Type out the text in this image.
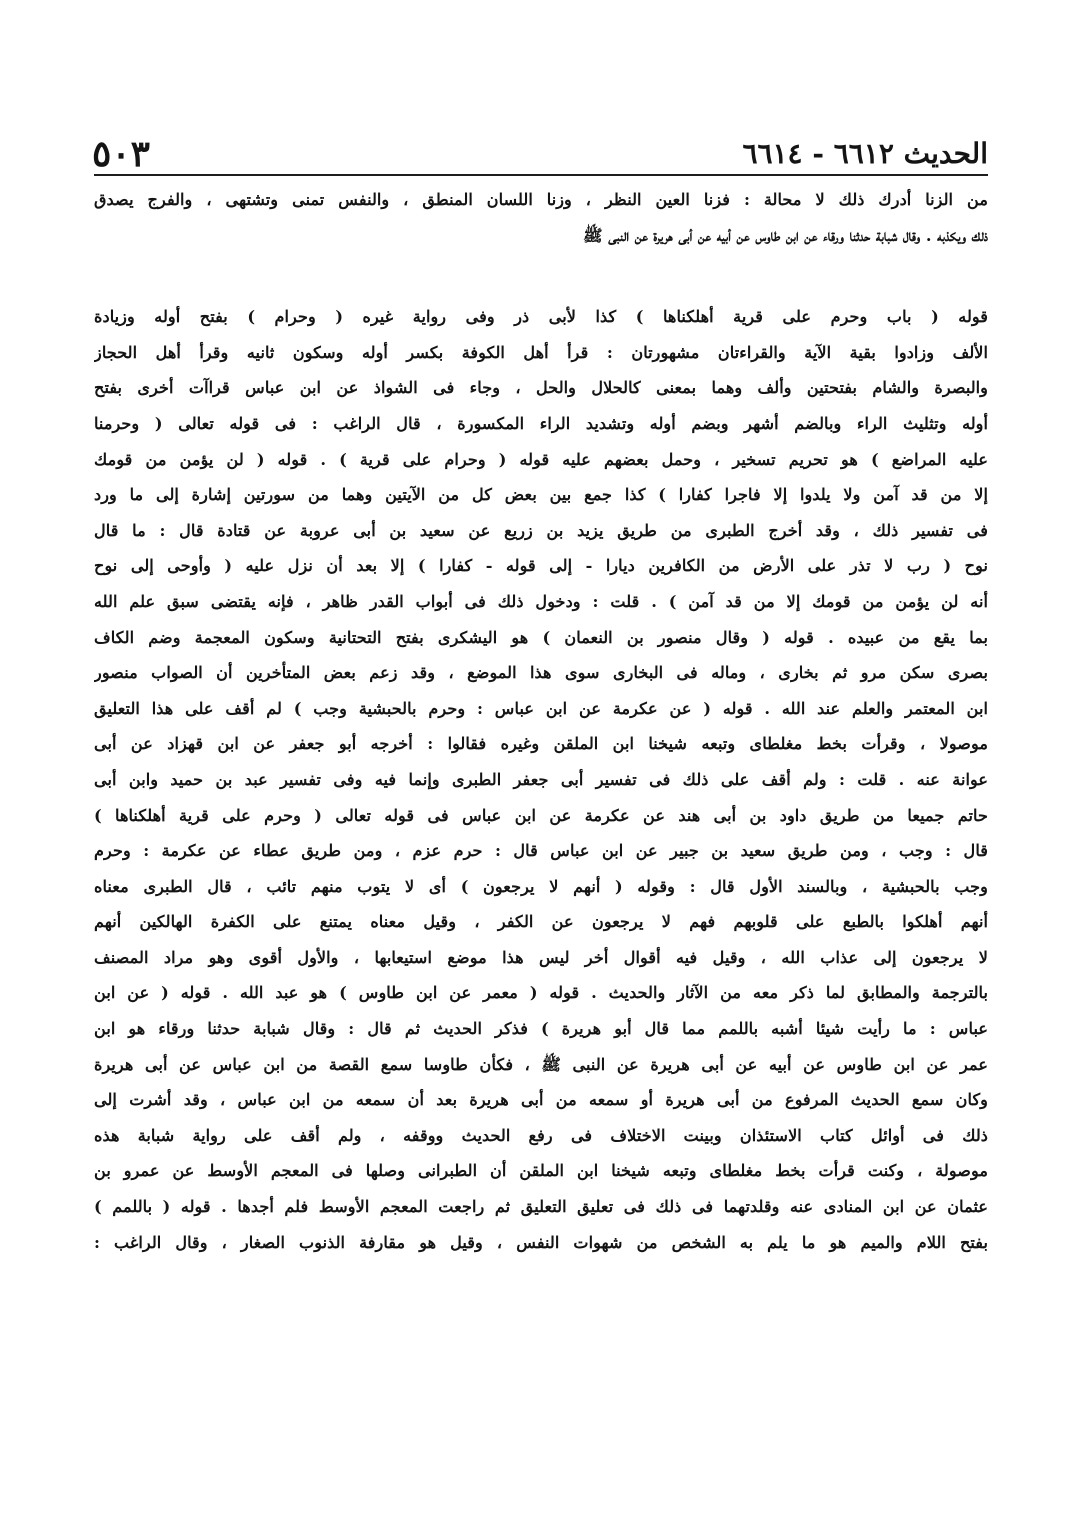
الحديث ٦٦١٢ - ٦٦١٤
٥٠٣
من الزنا أدرك ذلك لا محالة : فزنا العين النظر ، وزنا اللسان المنطق ، والنفس تمنى وتشتهى ، والفرج يصدق
ذلك ويكذبه . وقال شبابة حدثنا ورقاء عن ابن طاوس عن أبيه عن أبى هريرة عن النبى ﷺ
قوله ( باب وحرم على قرية أهلكناها ) كذا لأبى ذر وفى رواية غيره ( وحرام ) بفتح أوله وزيادة
الألف وزادوا بقية الآية والقراءتان مشهورتان : قرأ أهل الكوفة بكسر أوله وسكون ثانيه وقرأ أهل الحجاز
والبصرة والشام بفتحتين وألف وهما بمعنى كالحلال والحل ، وجاء فى الشواذ عن ابن عباس قراآت أخرى بفتح
أوله وتثليث الراء وبالضم أشهر وبضم أوله وتشديد الراء المكسورة ، قال الراغب : فى قوله تعالى ( وحرمنا
عليه المراضع ) هو تحريم تسخير ، وحمل بعضهم عليه قوله ( وحرام على قرية ) . قوله ( لن يؤمن من قومك
إلا من قد آمن ولا يلدوا إلا فاجرا كفارا ) كذا جمع بين بعض كل من الآيتين وهما من سورتين إشارة إلى ما ورد
فى تفسير ذلك ، وقد أخرج الطبرى من طريق يزيد بن زريع عن سعيد بن أبى عروبة عن قتادة قال : ما قال
نوح ( رب لا تذر على الأرض من الكافرين ديارا - إلى قوله - كفارا ) إلا بعد أن نزل عليه ( وأوحى إلى نوح
أنه لن يؤمن من قومك إلا من قد آمن ) . قلت : ودخول ذلك فى أبواب القدر ظاهر ، فإنه يقتضى سبق علم الله
بما يقع من عبيده . قوله ( وقال منصور بن النعمان ) هو اليشكرى بفتح التحتانية وسكون المعجمة وضم الكاف
بصرى سكن مرو ثم بخارى ، وماله فى البخارى سوى هذا الموضع ، وقد زعم بعض المتأخرين أن الصواب منصور
ابن المعتمر والعلم عند الله . قوله ( عن عكرمة عن ابن عباس : وحرم بالحبشية وجب ) لم أقف على هذا التعليق
موصولا ، وقرأت بخط مغلطاى وتبعه شيخنا ابن الملقن وغيره فقالوا : أخرجه أبو جعفر عن ابن قهزاد عن أبى
عوانة عنه . قلت : ولم أقف على ذلك فى تفسير أبى جعفر الطبرى وإنما فيه وفى تفسير عبد بن حميد وابن أبى
حاتم جميعا من طريق داود بن أبى هند عن عكرمة عن ابن عباس فى قوله تعالى ( وحرم على قرية أهلكناها )
قال : وجب ، ومن طريق سعيد بن جبير عن ابن عباس قال : حرم عزم ، ومن طريق عطاء عن عكرمة : وحرم
وجب بالحبشية ، وبالسند الأول قال : وقوله ( أنهم لا يرجعون ) أى لا يتوب منهم تائب ، قال الطبرى معناه
أنهم أهلكوا بالطبع على قلوبهم فهم لا يرجعون عن الكفر ، وقيل معناه يمتنع على الكفرة الهالكين أنهم
لا يرجعون إلى عذاب الله ، وقيل فيه أقوال أخر ليس هذا موضع استيعابها ، والأول أقوى وهو مراد المصنف
بالترجمة والمطابق لما ذكر معه من الآثار والحديث . قوله ( معمر عن ابن طاوس ) هو عبد الله . قوله ( عن ابن
عباس : ما رأيت شيئا أشبه باللمم مما قال أبو هريرة ) فذكر الحديث ثم قال : وقال شبابة حدثنا ورقاء هو ابن
عمر عن ابن طاوس عن أبيه عن أبى هريرة عن النبى ﷺ ، فكأن طاوسا سمع القصة من ابن عباس عن أبى هريرة
وكان سمع الحديث المرفوع من أبى هريرة أو سمعه من أبى هريرة بعد أن سمعه من ابن عباس ، وقد أشرت إلى
ذلك فى أوائل كتاب الاستئذان وبينت الاختلاف فى رفع الحديث ووقفه ، ولم أقف على رواية شبابة هذه
موصولة ، وكنت قرأت بخط مغلطاى وتبعه شيخنا ابن الملقن أن الطبرانى وصلها فى المعجم الأوسط عن عمرو بن
عثمان عن ابن المنادى عنه وقلدتهما فى ذلك فى تعليق التعليق ثم راجعت المعجم الأوسط فلم أجدها . قوله ( باللمم )
بفتح اللام والميم هو ما يلم به الشخص من شهوات النفس ، وقيل هو مقارفة الذنوب الصغار ، وقال الراغب :
